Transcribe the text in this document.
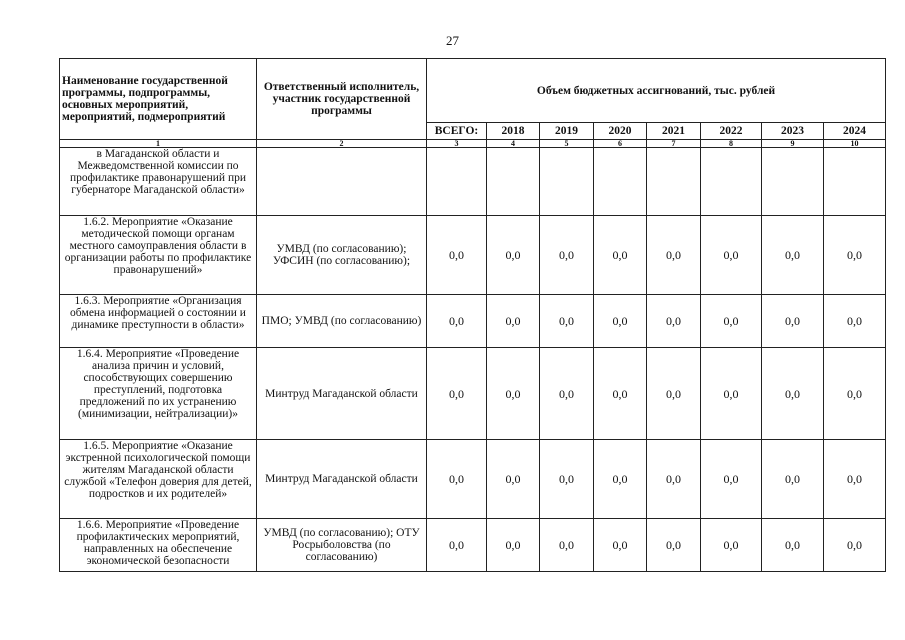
27
Наименование государственной программы, подпрограммы, основных мероприятий, мероприятий, подмероприятий	Ответственный исполнитель, участник государственной программы	Объем бюджетных ассигнований, тыс. рублей							
		ВСЕГО:	2018	2019	2020	2021	2022	2023	2024
1	2	3	4	5	6	7	8	9	10
в Магаданской области и Межведомственной комиссии по профилактике правонарушений при губернаторе Магаданской области»									
1.6.2. Мероприятие «Оказание методической помощи органам местного самоуправления области в организации работы по профилактике правонарушений»	УМВД (по согласованию); УФСИН (по согласованию);	0,0	0,0	0,0	0,0	0,0	0,0	0,0	0,0
1.6.3. Мероприятие «Организация обмена информацией о состоянии и динамике преступности в области»	ПМО; УМВД (по согласованию)	0,0	0,0	0,0	0,0	0,0	0,0	0,0	0,0
1.6.4. Мероприятие «Проведение анализа причин и условий, способствующих совершению преступлений, подготовка предложений по их устранению (минимизации, нейтрализации)»	Минтруд Магаданской области	0,0	0,0	0,0	0,0	0,0	0,0	0,0	0,0
1.6.5. Мероприятие «Оказание экстренной психологической помощи жителям Магаданской области службой «Телефон доверия для детей, подростков и их родителей»	Минтруд Магаданской области	0,0	0,0	0,0	0,0	0,0	0,0	0,0	0,0
1.6.6. Мероприятие «Проведение профилактических мероприятий, направленных на обеспечение экономической безопасности	УМВД (по согласованию); ОТУ Росрыболовства (по согласованию)	0,0	0,0	0,0	0,0	0,0	0,0	0,0	0,0
